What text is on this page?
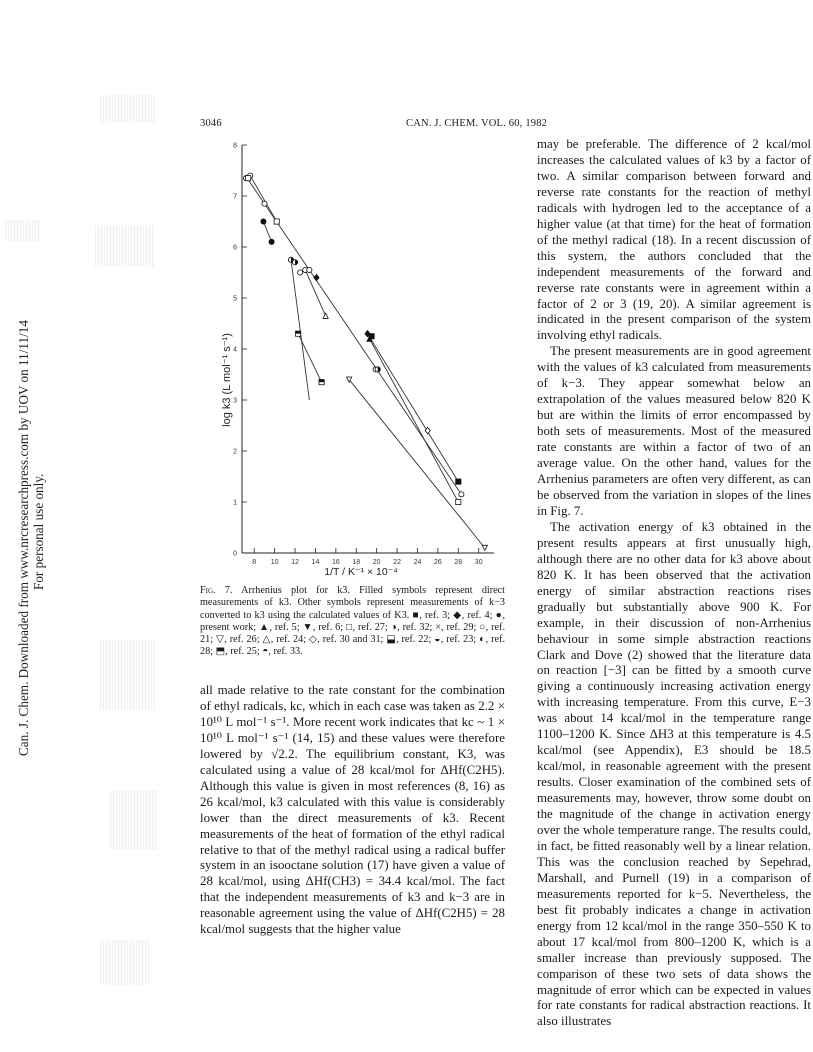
Can. J. Chem. Downloaded from www.nrcresearchpress.com by UOV on 11/11/14 For personal use only.
3046	CAN. J. CHEM. VOL. 60, 1982
8 10 12 14 16 18 20 22 24 26 28 30
0
1
2
3
4
5
6
7
8
log k3 (L mol⁻¹ s⁻¹)
1/T / K⁻¹ × 10⁻⁴
Fig. 7. Arrhenius plot for k3. Filled symbols represent direct measurements of k3. Other symbols represent measurements of k−3 converted to k3 using the calculated values of K3. ■, ref. 3; ◆, ref. 4; ●, present work; ▲, ref. 5; ▼, ref. 6; □, ref. 27; ◑, ref. 32; ×, ref. 29; ○, ref. 21; ▽, ref. 26; △, ref. 24; ◇, ref. 30 and 31; ⬓, ref. 22; ◒, ref. 23; ◐, ref. 28; ⬒, ref. 25; ◓, ref. 33.

all made relative to the rate constant for the combination of ethyl radicals, kc, which in each case was taken as 2.2 × 10¹⁰ L mol⁻¹ s⁻¹. More recent work indicates that kc ~ 1 × 10¹⁰ L mol⁻¹ s⁻¹ (14, 15) and these values were therefore lowered by √2.2. The equilibrium constant, K3, was calculated using a value of 28 kcal/mol for ΔHf(C2H5). Although this value is given in most references (8, 16) as 26 kcal/mol, k3 calculated with this value is considerably lower than the direct measurements of k3. Recent measurements of the heat of formation of the ethyl radical relative to that of the methyl radical using a radical buffer system in an isooctane solution (17) have given a value of 28 kcal/mol, using ΔHf(CH3) = 34.4 kcal/mol. The fact that the independent measurements of k3 and k−3 are in reasonable agreement using the value of ΔHf(C2H5) = 28 kcal/mol suggests that the higher value

may be preferable. The difference of 2 kcal/mol increases the calculated values of k3 by a factor of two. A similar comparison between forward and reverse rate constants for the reaction of methyl radicals with hydrogen led to the acceptance of a higher value (at that time) for the heat of formation of the methyl radical (18). In a recent discussion of this system, the authors concluded that the independent measurements of the forward and reverse rate constants were in agreement within a factor of 2 or 3 (19, 20). A similar agreement is indicated in the present comparison of the system involving ethyl radicals.

The present measurements are in good agreement with the values of k3 calculated from measurements of k−3. They appear somewhat below an extrapolation of the values measured below 820 K but are within the limits of error encompassed by both sets of measurements. Most of the measured rate constants are within a factor of two of an average value. On the other hand, values for the Arrhenius parameters are often very different, as can be observed from the variation in slopes of the lines in Fig. 7.

The activation energy of k3 obtained in the present results appears at first unusually high, although there are no other data for k3 above about 820 K. It has been observed that the activation energy of similar abstraction reactions rises gradually but substantially above 900 K. For example, in their discussion of non-Arrhenius behaviour in some simple abstraction reactions Clark and Dove (2) showed that the literature data on reaction [−3] can be fitted by a smooth curve giving a continuously increasing activation energy with increasing temperature. From this curve, E−3 was about 14 kcal/mol in the temperature range 1100–1200 K. Since ΔH3 at this temperature is 4.5 kcal/mol (see Appendix), E3 should be 18.5 kcal/mol, in reasonable agreement with the present results. Closer examination of the combined sets of measurements may, however, throw some doubt on the magnitude of the change in activation energy over the whole temperature range. The results could, in fact, be fitted reasonably well by a linear relation. This was the conclusion reached by Sepehrad, Marshall, and Purnell (19) in a comparison of measurements reported for k−5. Nevertheless, the best fit probably indicates a change in activation energy from 12 kcal/mol in the range 350–550 K to about 17 kcal/mol from 800–1200 K, which is a smaller increase than previously supposed. The comparison of these two sets of data shows the magnitude of error which can be expected in values for rate constants for radical abstraction reactions. It also illustrates
